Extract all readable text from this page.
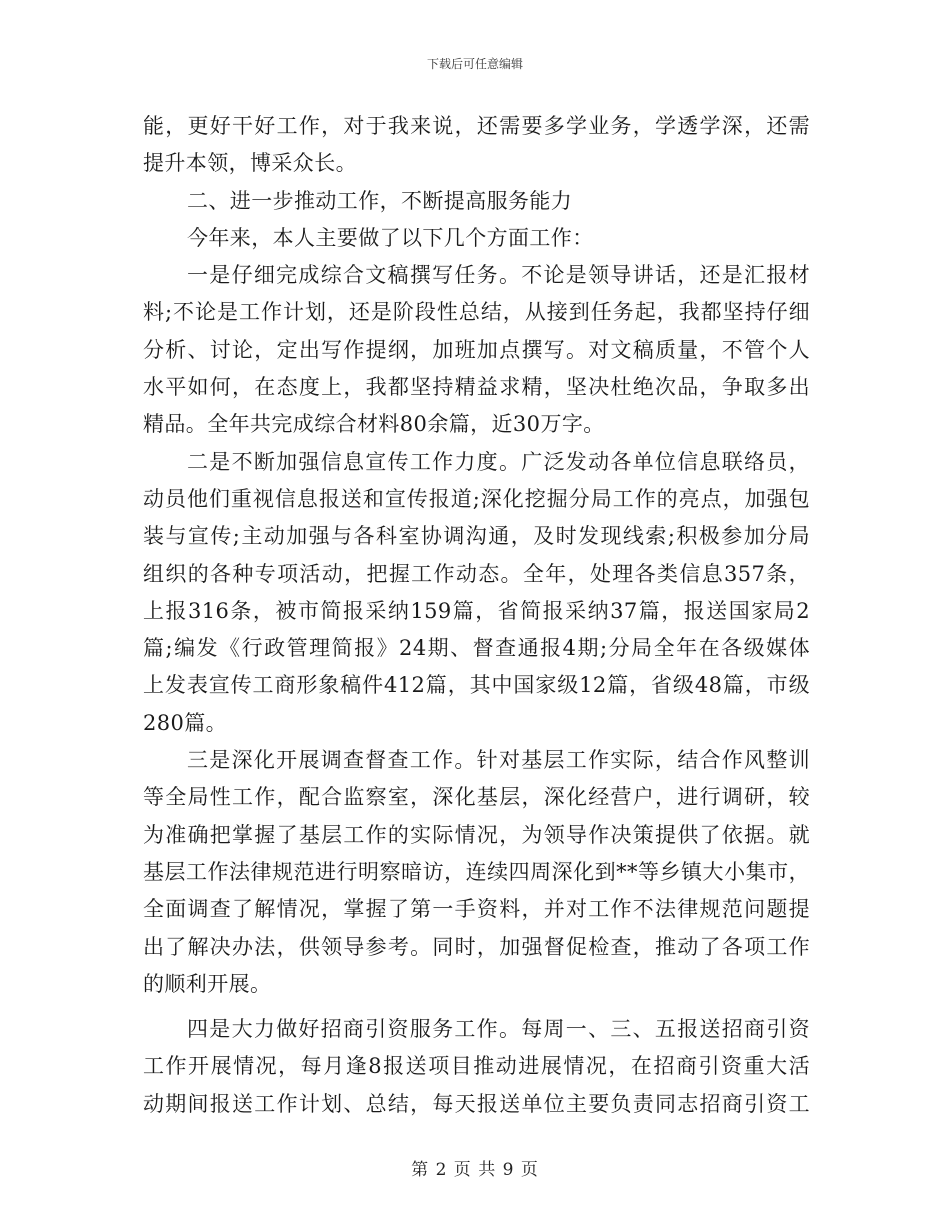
下载后可任意编辑
能，更好干好工作，对于我来说，还需要多学业务，学透学深，还需
提升本领，博采众长。
二、进一步推动工作，不断提高服务能力
今年来，本人主要做了以下几个方面工作：
一是仔细完成综合文稿撰写任务。不论是领导讲话，还是汇报材
料;不论是工作计划，还是阶段性总结，从接到任务起，我都坚持仔细
分析、讨论，定出写作提纲，加班加点撰写。对文稿质量，不管个人
水平如何，在态度上，我都坚持精益求精，坚决杜绝次品，争取多出
精品。全年共完成综合材料80余篇，近30万字。
二是不断加强信息宣传工作力度。广泛发动各单位信息联络员，
动员他们重视信息报送和宣传报道;深化挖掘分局工作的亮点，加强包
装与宣传;主动加强与各科室协调沟通，及时发现线索;积极参加分局
组织的各种专项活动，把握工作动态。全年，处理各类信息357条，
上报316条，被市简报采纳159篇，省简报采纳37篇，报送国家局2
篇;编发《行政管理简报》24期、督查通报4期;分局全年在各级媒体
上发表宣传工商形象稿件412篇，其中国家级12篇，省级48篇，市级
280篇。
三是深化开展调查督查工作。针对基层工作实际，结合作风整训
等全局性工作，配合监察室，深化基层，深化经营户，进行调研，较
为准确把掌握了基层工作的实际情况，为领导作决策提供了依据。就
基层工作法律规范进行明察暗访，连续四周深化到**等乡镇大小集市，
全面调查了解情况，掌握了第一手资料，并对工作不法律规范问题提
出了解决办法，供领导参考。同时，加强督促检查，推动了各项工作
的顺利开展。
四是大力做好招商引资服务工作。每周一、三、五报送招商引资
工作开展情况，每月逢8报送项目推动进展情况，在招商引资重大活
动期间报送工作计划、总结，每天报送单位主要负责同志招商引资工
第 2 页 共 9 页
